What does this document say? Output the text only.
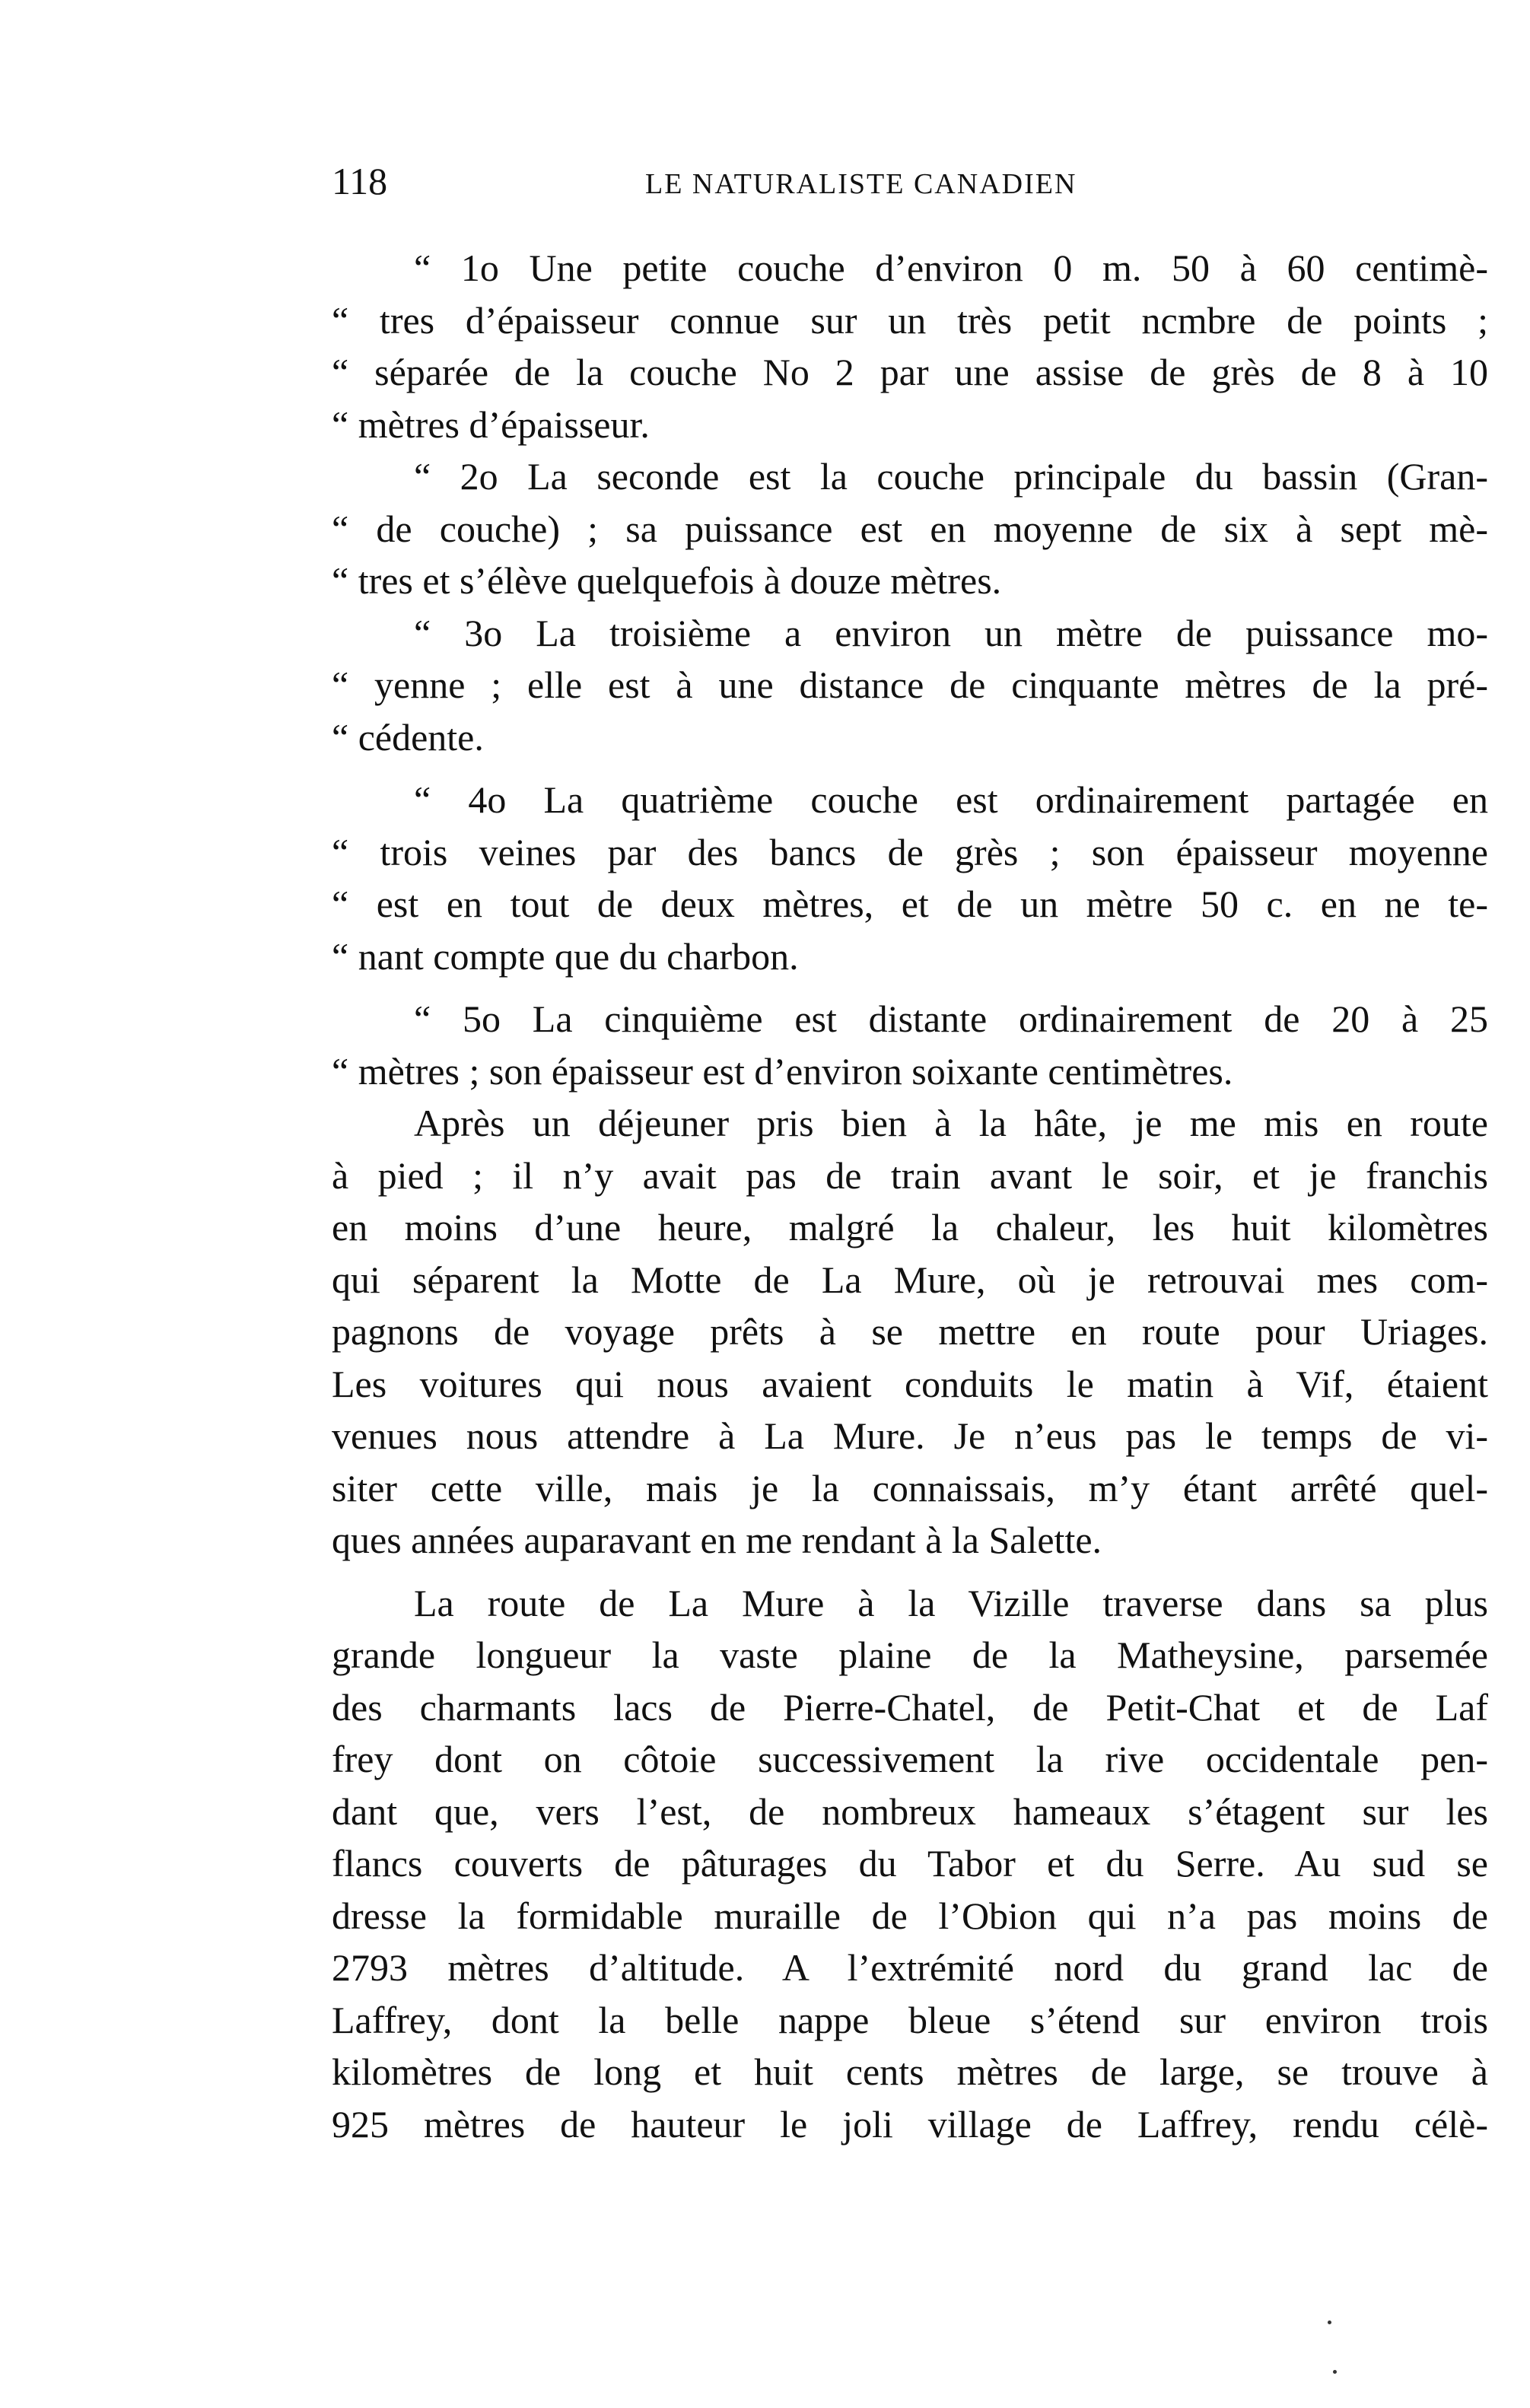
118	LE NATURALISTE CANADIEN
“ 1o Une petite couche d’environ 0 m. 50 à 60 centimè-
“ tres d’épaisseur connue sur un très petit ncmbre de points ;
“ séparée de la couche No 2 par une assise de grès de 8 à 10
“ mètres d’épaisseur.
“ 2o La seconde est la couche principale du bassin (Gran-
“ de couche) ; sa puissance est en moyenne de six à sept mè-
“ tres et s’élève quelquefois à douze mètres.
“ 3o La troisième a environ un mètre de puissance mo-
“ yenne ; elle est à une distance de cinquante mètres de la pré-
“ cédente.
“ 4o La quatrième couche est ordinairement partagée en
“ trois veines par des bancs de grès ; son épaisseur moyenne
“ est en tout de deux mètres, et de un mètre 50 c. en ne te-
“ nant compte que du charbon.
“ 5o La cinquième est distante ordinairement de 20 à 25
“ mètres ; son épaisseur est d’environ soixante centimètres.
Après un déjeuner pris bien à la hâte, je me mis en route
à pied ; il n’y avait pas de train avant le soir, et je franchis
en moins d’une heure, malgré la chaleur, les huit kilomètres
qui séparent la Motte de La Mure, où je retrouvai mes com-
pagnons de voyage prêts à se mettre en route pour Uriages.
Les voitures qui nous avaient conduits le matin à Vif, étaient
venues nous attendre à La Mure. Je n’eus pas le temps de vi-
siter cette ville, mais je la connaissais, m’y étant arrêté quel-
ques années auparavant en me rendant à la Salette.
La route de La Mure à la Vizille traverse dans sa plus
grande longueur la vaste plaine de la Matheysine, parsemée
des charmants lacs de Pierre-Chatel, de Petit-Chat et de Laf
frey dont on côtoie successivement la rive occidentale pen-
dant que, vers l’est, de nombreux hameaux s’étagent sur les
flancs couverts de pâturages du Tabor et du Serre. Au sud se
dresse la formidable muraille de l’Obion qui n’a pas moins de
2793 mètres d’altitude. A l’extrémité nord du grand lac de
Laffrey, dont la belle nappe bleue s’étend sur environ trois
kilomètres de long et huit cents mètres de large, se trouve à
925 mètres de hauteur le joli village de Laffrey, rendu célè-
